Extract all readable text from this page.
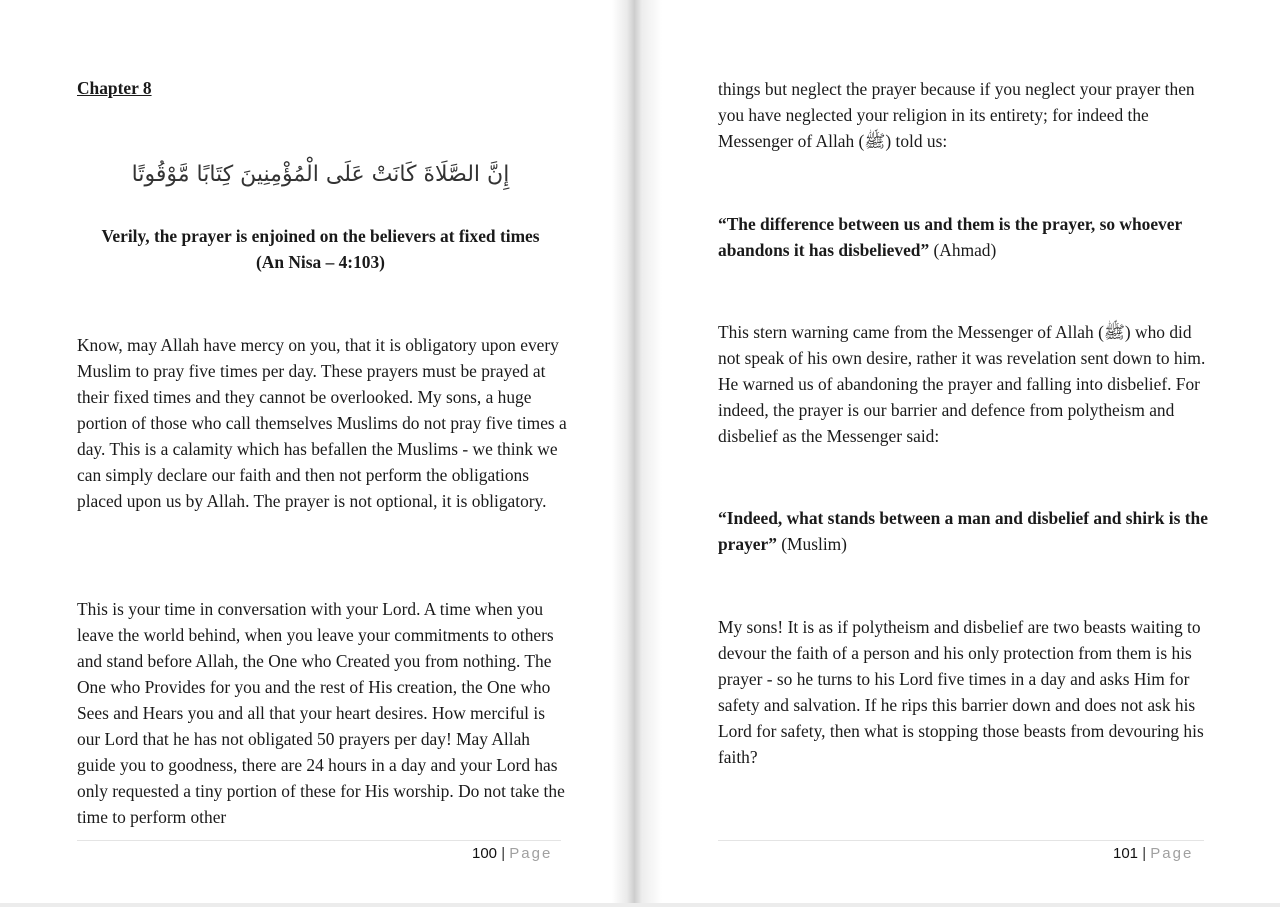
Chapter 8
إِنَّ الصَّلَاةَ كَانَتْ عَلَى الْمُؤْمِنِينَ كِتَابًا مَّوْقُوتًا
Verily, the prayer is enjoined on the believers at fixed times
(An Nisa – 4:103)
Know, may Allah have mercy on you, that it is obligatory upon every Muslim to pray five times per day. These prayers must be prayed at their fixed times and they cannot be overlooked. My sons, a huge portion of those who call themselves Muslims do not pray five times a day. This is a calamity which has befallen the Muslims - we think we can simply declare our faith and then not perform the obligations placed upon us by Allah. The prayer is not optional, it is obligatory.
This is your time in conversation with your Lord. A time when you leave the world behind, when you leave your commitments to others and stand before Allah, the One who Created you from nothing. The One who Provides for you and the rest of His creation, the One who Sees and Hears you and all that your heart desires. How merciful is our Lord that he has not obligated 50 prayers per day! May Allah guide you to goodness, there are 24 hours in a day and your Lord has only requested a tiny portion of these for His worship. Do not take the time to perform other
100 | Page
things but neglect the prayer because if you neglect your prayer then you have neglected your religion in its entirety; for indeed the Messenger of Allah (ﷺ) told us:
“The difference between us and them is the prayer, so whoever abandons it has disbelieved” (Ahmad)
This stern warning came from the Messenger of Allah (ﷺ) who did not speak of his own desire, rather it was revelation sent down to him. He warned us of abandoning the prayer and falling into disbelief. For indeed, the prayer is our barrier and defence from polytheism and disbelief as the Messenger said:
“Indeed, what stands between a man and disbelief and shirk is the prayer” (Muslim)
My sons! It is as if polytheism and disbelief are two beasts waiting to devour the faith of a person and his only protection from them is his prayer - so he turns to his Lord five times in a day and asks Him for safety and salvation. If he rips this barrier down and does not ask his Lord for safety, then what is stopping those beasts from devouring his faith?
101 | Page
